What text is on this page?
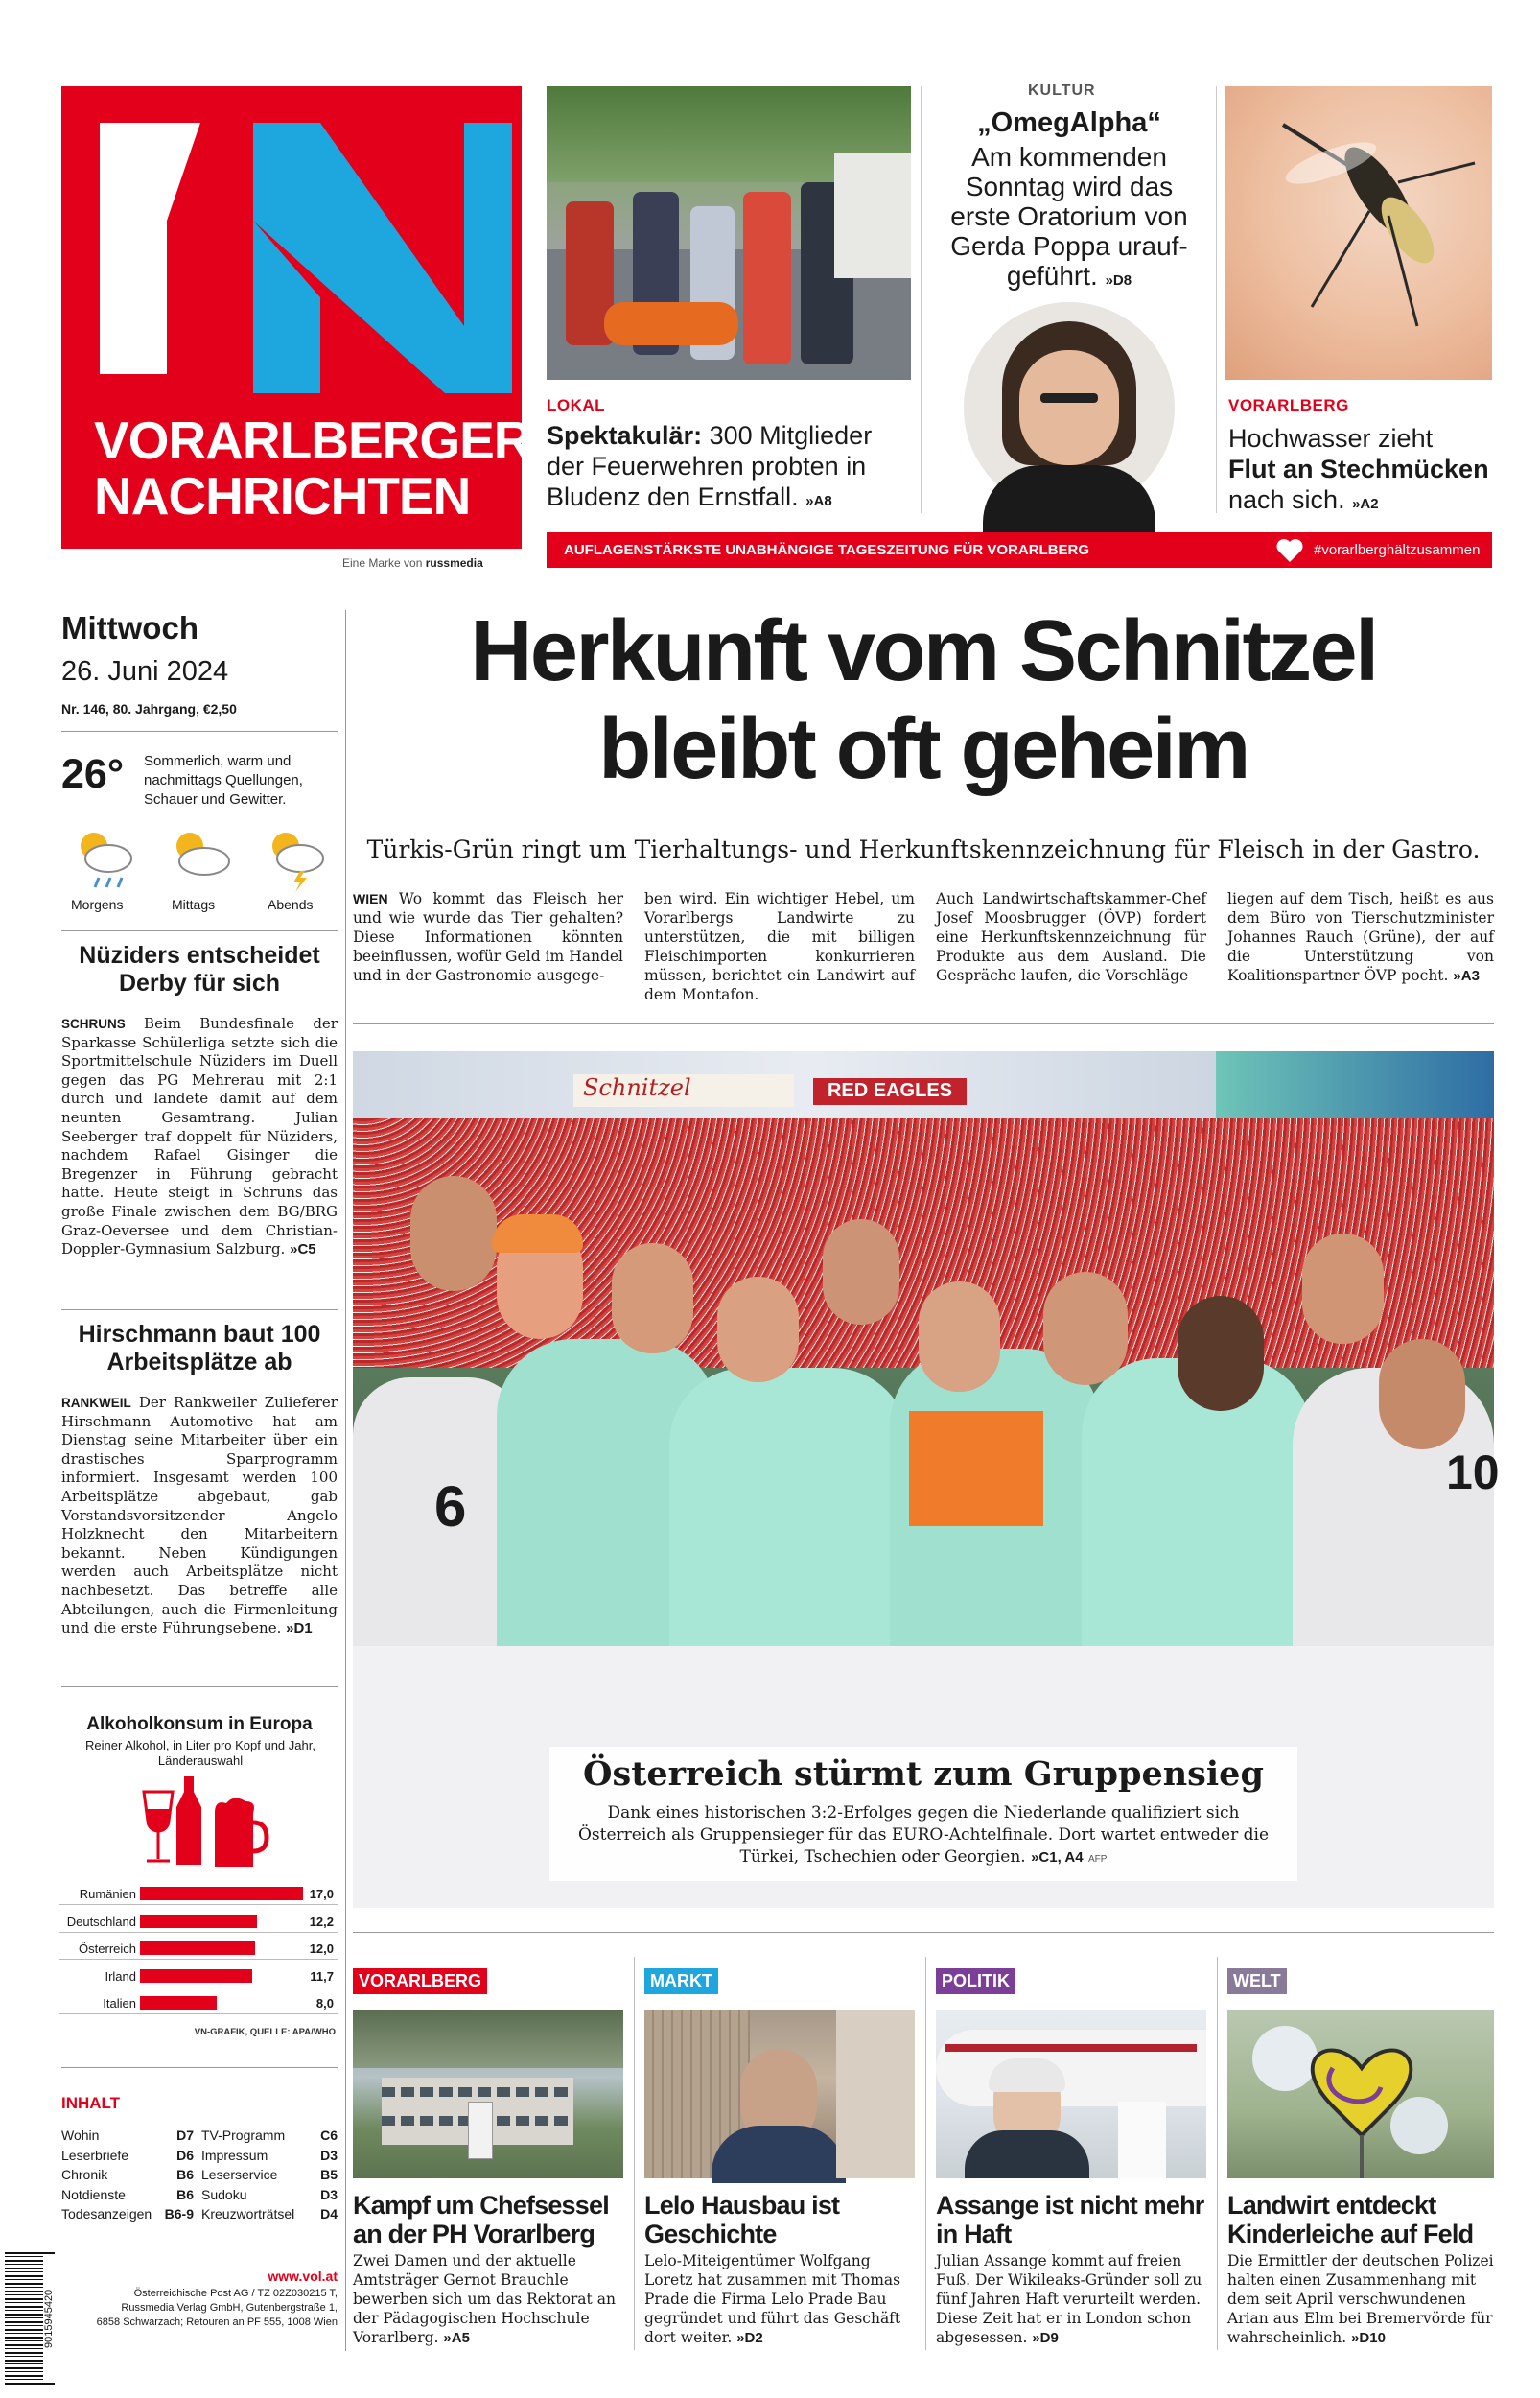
VORARLBERGER
NACHRICHTEN
Eine Marke von russmedia
LOKAL
Spektakulär: 300 Mitglieder der Feuerwehren probten in Bludenz den Ernstfall. »A8
KULTUR
„OmegAlpha“
Am kommenden Sonntag wird das erste Oratorium von Gerda Poppa uraufgeführt. »D8
VORARLBERG
Hochwasser zieht
Flut an Stechmücken
nach sich. »A2
AUFLAGENSTÄRKSTE UNABHÄNGIGE TAGESZEITUNG FÜR VORARLBERG	#vorarlberghältzusammen
Mittwoch
26. Juni 2024
Nr. 146, 80. Jahrgang, €2,50
26° Sommerlich, warm und nachmittags Quellungen, Schauer und Gewitter.
Morgens	Mittags	Abends
Nüziders entscheidet Derby für sich
SCHRUNS Beim Bundesfinale der Sparkasse Schülerliga setzte sich die Sportmittelschule Nüziders im Duell gegen das PG Mehrerau mit 2:1 durch und landete damit auf dem neunten Gesamtrang. Julian Seeberger traf doppelt für Nüziders, nachdem Rafael Gisinger die Bregenzer in Führung gebracht hatte. Heute steigt in Schruns das große Finale zwischen dem BG/BRG Graz-Oeversee und dem Christian-Doppler-Gymnasium Salzburg. »C5
Hirschmann baut 100 Arbeitsplätze ab
RANKWEIL Der Rankweiler Zulieferer Hirschmann Automotive hat am Dienstag seine Mitarbeiter über ein drastisches Sparprogramm informiert. Insgesamt werden 100 Arbeitsplätze abgebaut, gab Vorstandsvorsitzender Angelo Holzknecht den Mitarbeitern bekannt. Neben Kündigungen werden auch Arbeitsplätze nicht nachbesetzt. Das betreffe alle Abteilungen, auch die Firmenleitung und die erste Führungsebene. »D1
Alkoholkonsum in Europa
Reiner Alkohol, in Liter pro Kopf und Jahr, Länderauswahl
Rumänien	17,0
Deutschland	12,2
Österreich	12,0
Irland	11,7
Italien	8,0
VN-GRAFIK, QUELLE: APA/WHO
INHALT
Wohin	D7
Leserbriefe	D6
Chronik	B6
Notdienste	B6
Todesanzeigen B6-9
TV-Programm	C6
Impressum	D3
Leserservice	B5
Sudoku	D3
Kreuzworträtsel D4
9015945420
www.vol.at
Österreichische Post AG / TZ 02Z030215 T,
Russmedia Verlag GmbH, Gutenbergstraße 1,
6858 Schwarzach; Retouren an PF 555, 1008 Wien
Herkunft vom Schnitzel
bleibt oft geheim
Türkis-Grün ringt um Tierhaltungs- und Herkunftskennzeichnung für Fleisch in der Gastro.
WIEN Wo kommt das Fleisch her und wie wurde das Tier gehalten? Diese Informationen könnten beeinflussen, wofür Geld im Handel und in der Gastronomie ausgege-
ben wird. Ein wichtiger Hebel, um Vorarlbergs Landwirte zu unterstützen, die mit billigen Fleischimporten konkurrieren müssen, berichtet ein Landwirt auf dem Montafon.
Auch Landwirtschaftskammer-Chef Josef Moosbrugger (ÖVP) fordert eine Herkunftskennzeichnung für Produkte aus dem Ausland. Die Gespräche laufen, die Vorschläge
liegen auf dem Tisch, heißt es aus dem Büro von Tierschutzminister Johannes Rauch (Grüne), der auf die Unterstützung von Koalitionspartner ÖVP pocht. »A3
Schnitzel	RED EAGLES
6
10
Österreich stürmt zum Gruppensieg
Dank eines historischen 3:2-Erfolges gegen die Niederlande qualifiziert sich Österreich als Gruppensieger für das EURO-Achtelfinale. Dort wartet entweder die Türkei, Tschechien oder Georgien. »C1, A4 AFP
VORARLBERG
Kampf um Chefsessel an der PH Vorarlberg
Zwei Damen und der aktuelle Amtsträger Gernot Brauchle bewerben sich um das Rektorat an der Pädagogischen Hochschule Vorarlberg. »A5
MARKT
Lelo Hausbau ist Geschichte
Lelo-Miteigentümer Wolfgang Loretz hat zusammen mit Thomas Prade die Firma Lelo Prade Bau gegründet und führt das Geschäft dort weiter. »D2
POLITIK
Assange ist nicht mehr in Haft
Julian Assange kommt auf freien Fuß. Der Wikileaks-Gründer soll zu fünf Jahren Haft verurteilt werden. Diese Zeit hat er in London schon abgesessen. »D9
WELT
Landwirt entdeckt Kinderleiche auf Feld
Die Ermittler der deutschen Polizei halten einen Zusammenhang mit dem seit April verschwundenen Arian aus Elm bei Bremervörde für wahrscheinlich. »D10
